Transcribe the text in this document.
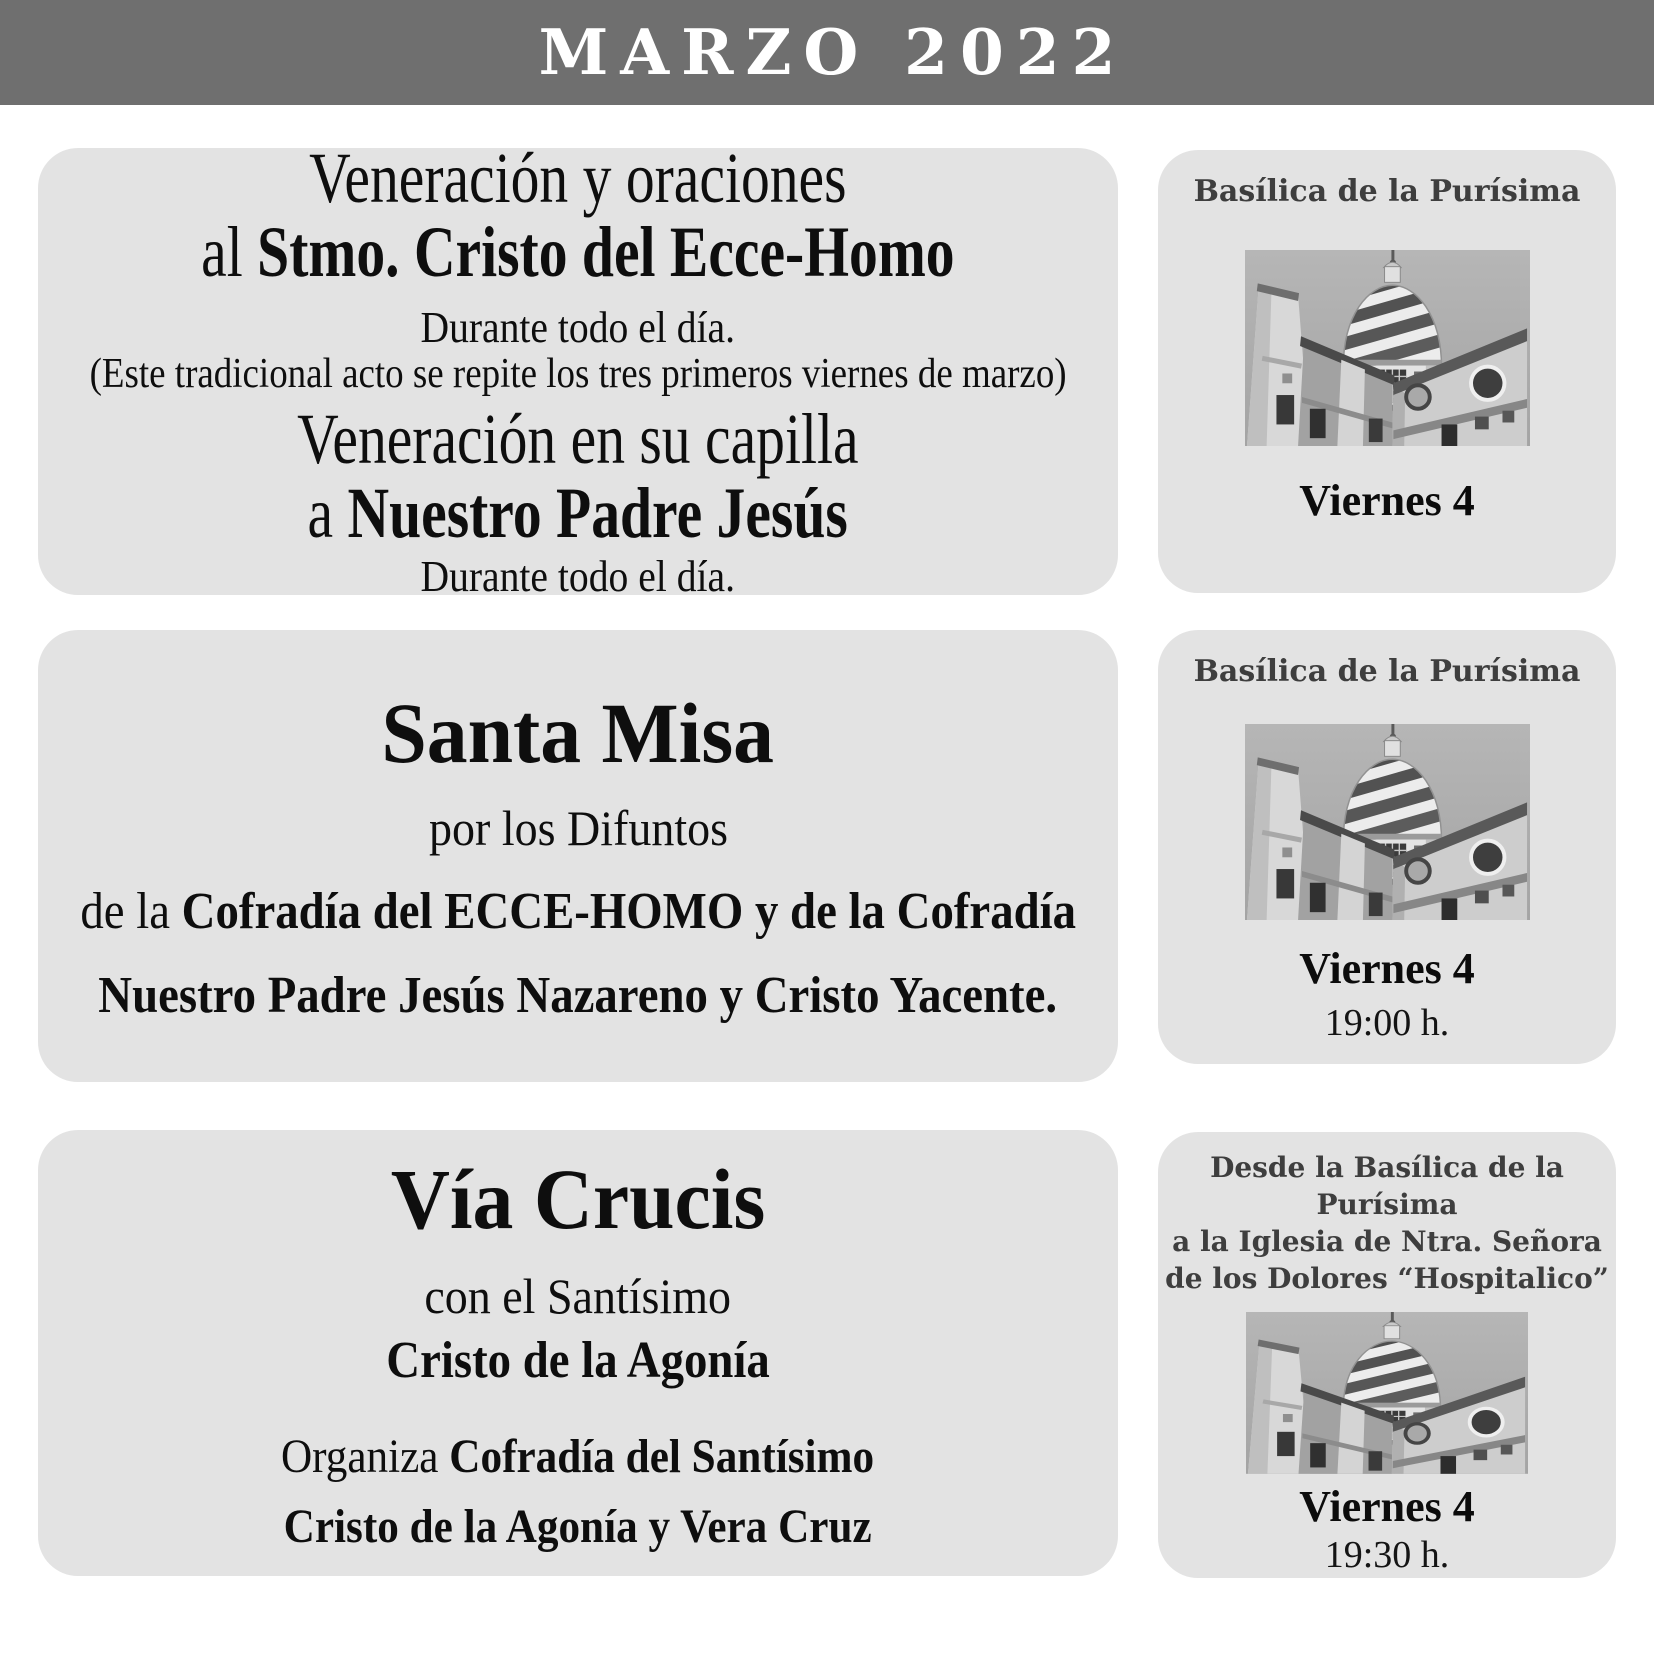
MARZO 2022

Veneración y oraciones

al Stmo. Cristo del Ecce-Homo

Durante todo el día.

(Este tradicional acto se repite los tres primeros viernes de marzo)

Veneración en su capilla

a Nuestro Padre Jesús

Durante todo el día.

Basílica de la Purísima

Viernes 4

Santa Misa

por los Difuntos

de la Cofradía del ECCE-HOMO y de la Cofradía

Nuestro Padre Jesús Nazareno y Cristo Yacente.

Basílica de la Purísima

Viernes 4

19:00 h.

Vía Crucis

con el Santísimo

Cristo de la Agonía

Organiza Cofradía del Santísimo

Cristo de la Agonía y Vera Cruz

Desde la Basílica de la Purísima
a la Iglesia de Ntra. Señora
de los Dolores “Hospitalico”

Viernes 4

19:30 h.
